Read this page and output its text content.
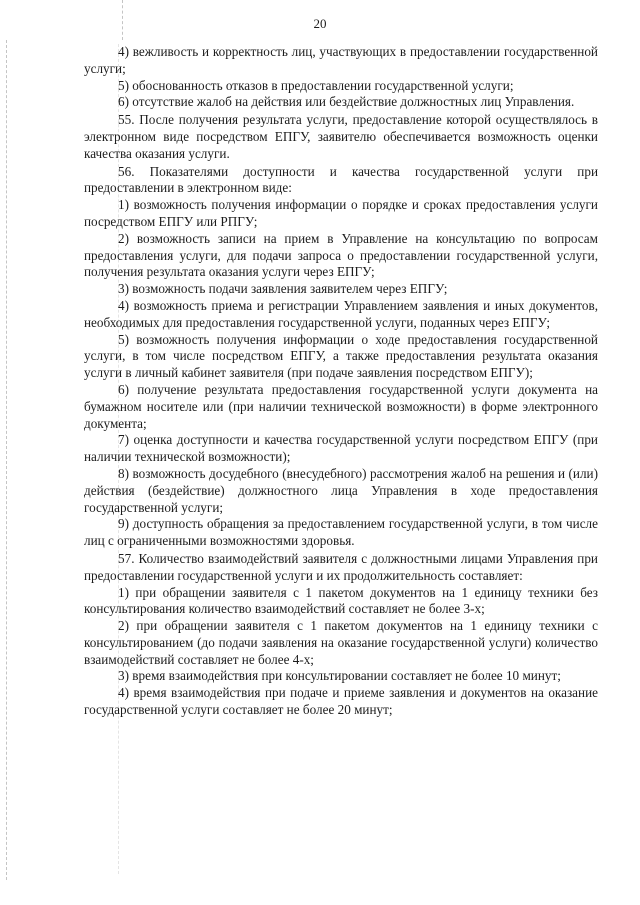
20

4) вежливость и корректность лиц, участвующих в предоставлении государственной услуги;

5) обоснованность отказов в предоставлении государственной услуги;

6) отсутствие жалоб на действия или бездействие должностных лиц Управления.

55. После получения результата услуги, предоставление которой осуществлялось в электронном виде посредством ЕПГУ, заявителю обеспечивается возможность оценки качества оказания услуги.

56. Показателями доступности и качества государственной услуги при предоставлении в электронном виде:

1) возможность получения информации о порядке и сроках предоставления услуги посредством ЕПГУ или РПГУ;

2) возможность записи на прием в Управление на консультацию по вопросам предоставления услуги, для подачи запроса о предоставлении государственной услуги, получения результата оказания услуги через ЕПГУ;

3) возможность подачи заявления заявителем через ЕПГУ;

4) возможность приема и регистрации Управлением заявления и иных документов, необходимых для предоставления государственной услуги, поданных через ЕПГУ;

5) возможность получения информации о ходе предоставления государственной услуги, в том числе посредством ЕПГУ, а также предоставления результата оказания услуги в личный кабинет заявителя (при подаче заявления посредством ЕПГУ);

6) получение результата предоставления государственной услуги документа на бумажном носителе или (при наличии технической возможности) в форме электронного документа;

7) оценка доступности и качества государственной услуги посредством ЕПГУ (при наличии технической возможности);

8) возможность досудебного (внесудебного) рассмотрения жалоб на решения и (или) действия (бездействие) должностного лица Управления в ходе предоставления государственной услуги;

9) доступность обращения за предоставлением государственной услуги, в том числе лиц с ограниченными возможностями здоровья.

57. Количество взаимодействий заявителя с должностными лицами Управления при предоставлении государственной услуги и их продолжительность составляет:

1) при обращении заявителя с 1 пакетом документов на 1 единицу техники без консультирования количество взаимодействий составляет не более 3-х;

2) при обращении заявителя с 1 пакетом документов на 1 единицу техники с консультированием (до подачи заявления на оказание государственной услуги) количество взаимодействий составляет не более 4-х;

3) время взаимодействия при консультировании составляет не более 10 минут;

4) время взаимодействия при подаче и приеме заявления и документов на оказание государственной услуги составляет не более 20 минут;
